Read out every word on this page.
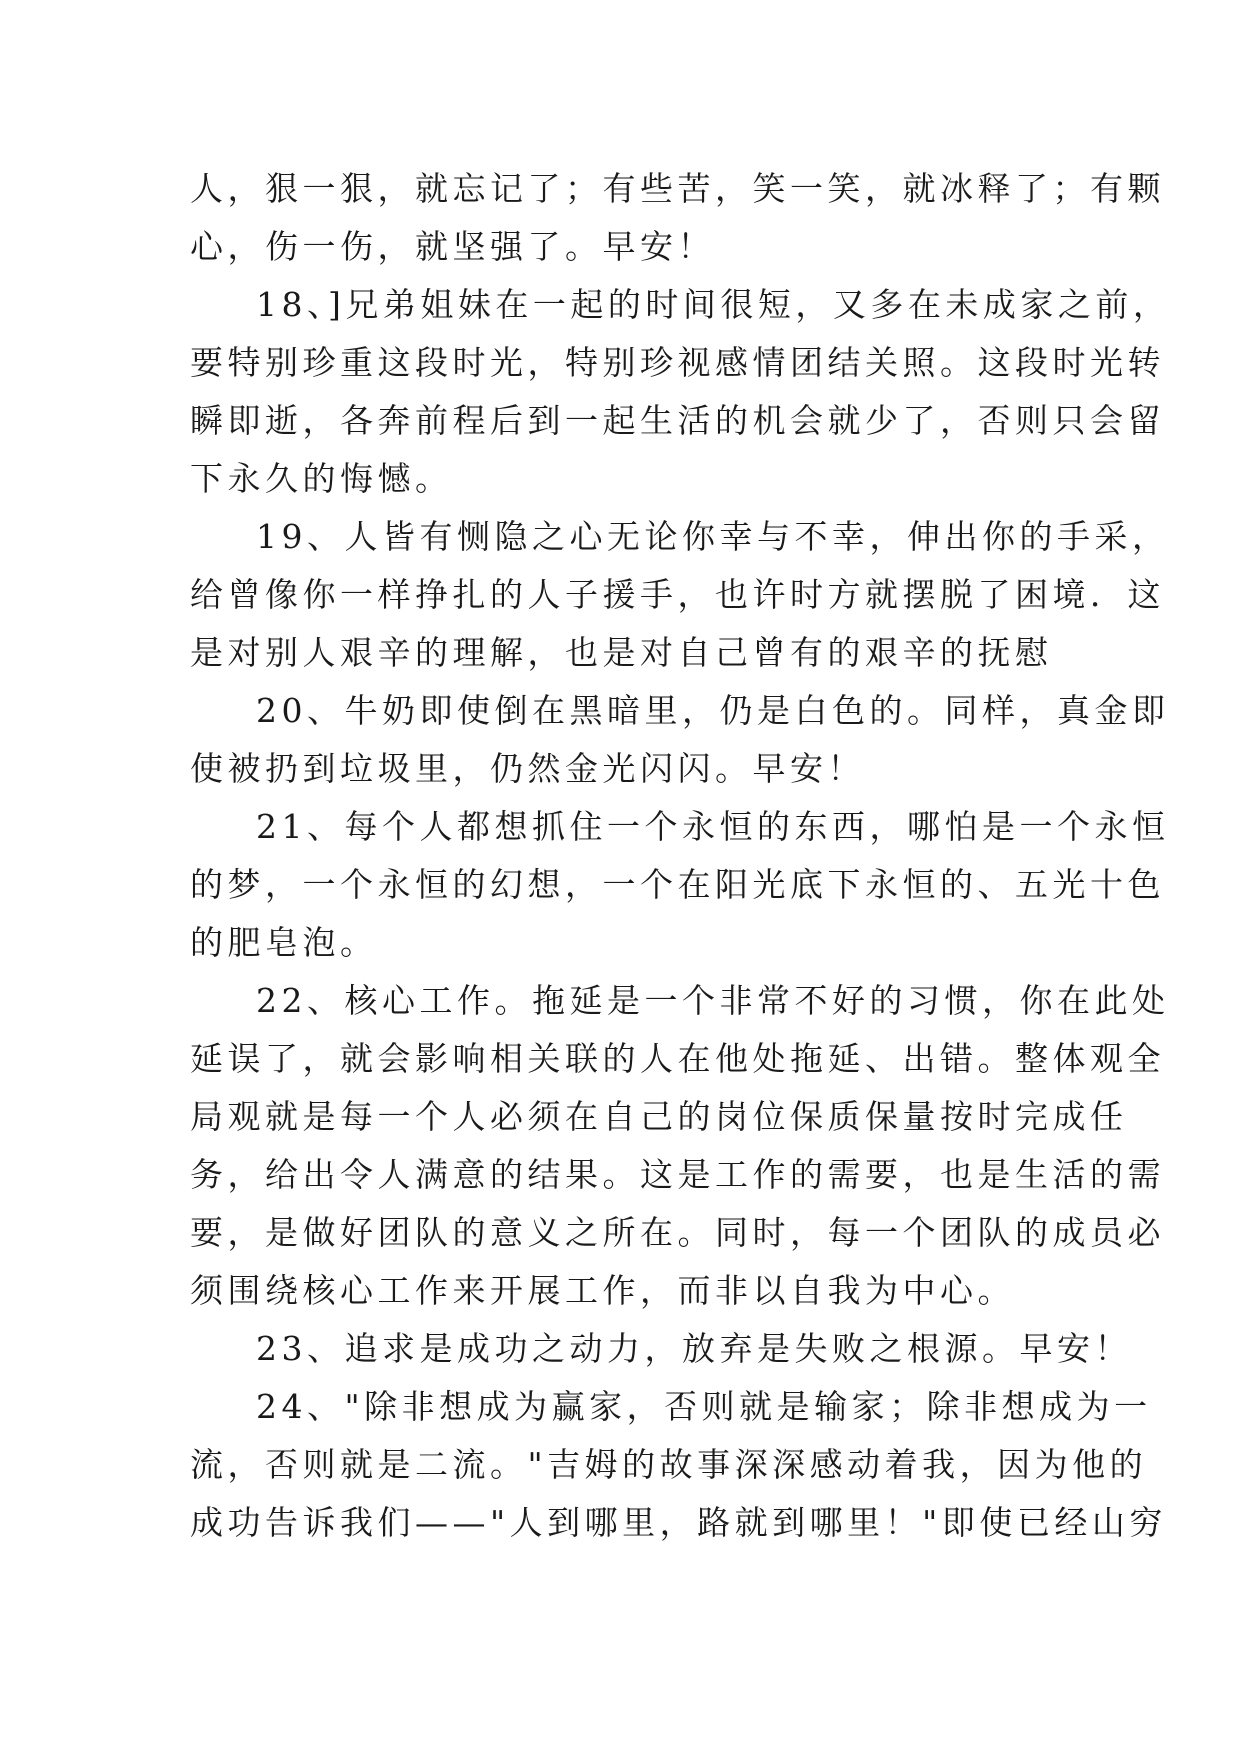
人，狠一狠，就忘记了；有些苦，笑一笑，就冰释了；有颗
心，伤一伤，就坚强了。早安！
18、]兄弟姐妹在一起的时间很短，又多在未成家之前，
要特别珍重这段时光，特别珍视感情团结关照。这段时光转
瞬即逝，各奔前程后到一起生活的机会就少了，否则只会留
下永久的悔憾。
19、人皆有恻隐之心无论你幸与不幸，伸出你的手采，
给曾像你一样挣扎的人子援手，也许时方就摆脱了困境．这
是对别人艰辛的理解，也是对自己曾有的艰辛的抚慰
20、牛奶即使倒在黑暗里，仍是白色的。同样，真金即
使被扔到垃圾里，仍然金光闪闪。早安！
21、每个人都想抓住一个永恒的东西，哪怕是一个永恒
的梦，一个永恒的幻想，一个在阳光底下永恒的、五光十色
的肥皂泡。
22、核心工作。拖延是一个非常不好的习惯，你在此处
延误了，就会影响相关联的人在他处拖延、出错。整体观全
局观就是每一个人必须在自己的岗位保质保量按时完成任
务，给出令人满意的结果。这是工作的需要，也是生活的需
要，是做好团队的意义之所在。同时，每一个团队的成员必
须围绕核心工作来开展工作，而非以自我为中心。
23、追求是成功之动力，放弃是失败之根源。早安！
24、"除非想成为赢家，否则就是输家；除非想成为一
流，否则就是二流。"吉姆的故事深深感动着我，因为他的
成功告诉我们——"人到哪里，路就到哪里！"即使已经山穷
